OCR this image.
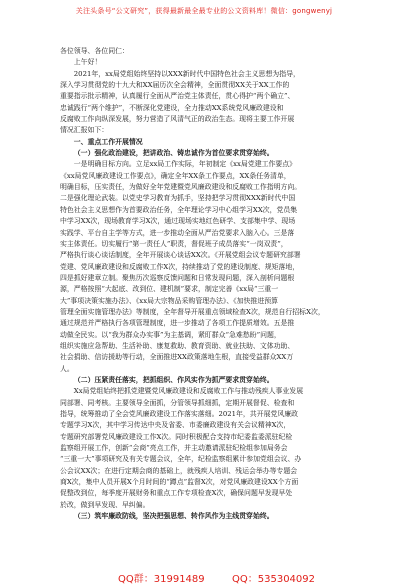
关注头条号“公文研究”，获得最新最全最专业的公文资料库！微信：gongwenyj

各位领导、各位同仁：

上午好！

2021年，xx局党组始终坚持以XXX新时代中国特色社会主义思想为指导，

深入学习贯彻党的十九大和XX届历次全会精神，全面贯彻XX关于XX工作的

重要指示批示精神，认真履行全面从严治党主体责任，贯心得护“两个确立”、

忠诚践行“两个维护”，不断深化党建设，全力推动XX系统党风廉政建设和

反腐败工作向纵深发展，努力营造了风清气正的政治生态。现将主要工作开展

情况汇报如下：

一、重点工作开展情况

（一）强化政治建设，把讲政治、铸忠诚作为首位要求贯穿始终。

一是明确目标方向。立足xx局工作实际，年初制定《xx局党建工作要点》

《xx局党风廉政建设工作要点》，确定全年XX条工作要点，XX条任务清单，

明确目标，压实责任，为做好全年党建暨党风廉政建设和反腐败工作指明方向。

二是强化理论武装。以党史学习教育为抓手，坚持把学习贯彻XXX新时代中国

特色社会主义思想作为首要政治任务，全年理论学习中心组学习XX次，党员集

中学习XX次，现场教育学习X次，通过现场实地红色研学、支部集中学、现场

实践学、平台自主学等方式，进一步推动全面从严治党要求入脑入心。三是落

实主体责任。切实履行“第一责任人”职责，督促班子成员落实“一岗双责”，

严格执行谈心谈话制度，全年开展谈心谈话XX次。《开展党组会议专题研究部署

党建、党风廉政建设和反腐败工作X次，持续推动了党的建设制度、规矩落地，

四是抓好建章立制。聚焦历次巡察反馈问题和日常发现问题，深入剖析问题根

源，严格按照“大起底、改到位、建机制”要求，制定完善《xx局“三重一

大”事项决策实施办法》、《xx局大宗物品采购管理办法》、《加快推进预算

管理全面实施管理办法》等制度，全年督导开展重点领域检查X次，规范自行招标X次，

通过规范并严格执行各项管理制度，进一步推动了各项工作提质增效。五是推

动做全民实。以“我为群众办实事”为主基调，紧盯群众“急难愁盼”问题，

组织实施应急帮助、生活补助、康复救助、教育资助、就业扶助、文体功助、

社会捐助、信访援助等行动，全面推进XX政策落地生根，直接受益群众XX万

人。

（二）压紧责任落实，把抓组织、作风实作为抓严要求贯穿始终。

Xx局党组始终把抓党建暨党风廉政建设和反腐败工作与推动残疾人事业发展

同部署、同考核。主要领导全面抓，分管领导抓细抓，定期开展督促、检查和

指导，统筹推动了全会党风廉政建设工作落实落细。2021年，共开展党风廉政

专题学习X次，其中学习传达中央及省委、市委廉政建设有关会议精神X次，

专题研究部署党风廉政建设工作X次。同时积极配合支持市纪委监委派驻纪检

监察组开展工作，创新“会商”亮点工作，并主动邀请派驻纪检组参加局务会

“三重一大”事项研究及有关专题会议，全年，纪检监察组累计参加党组会议、办

公会议XX次；在进行定期会商的基础上，就残疾人培训、残运会举办等专题会

商X次，集中人员开展X个月时间的“蹲点”监督X次，对党风廉政建设XX个方面

促整改到位，每季度开展财务和重点工作专项检查X次，确保问题早发现早处

於改，做到早发现、早纠偏。

（三）筑牢廉政防线，坚决把强思想、转作风作为主线贯穿始终。

QQ群：31991489	QQ：535304092
